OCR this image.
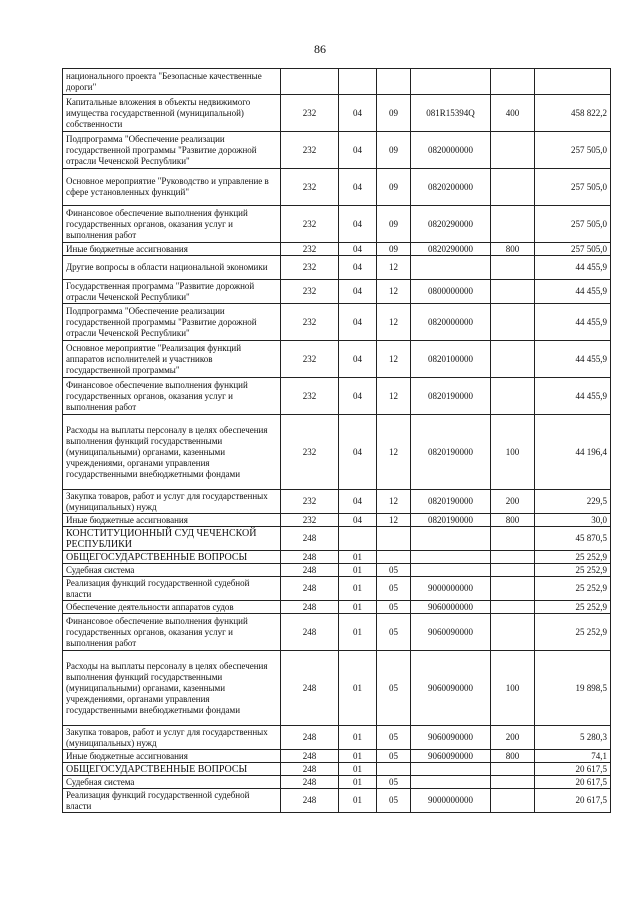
86
национального проекта "Безопасные качественные дороги"						
Капитальные вложения в объекты недвижимого имущества государственной (муниципальной) собственности	232	04	09	081R15394Q	400	458 822,2
Подпрограмма "Обеспечение реализации государственной программы "Развитие дорожной отрасли Чеченской Республики"	232	04	09	0820000000		257 505,0
Основное мероприятие "Руководство и управление в сфере установленных функций"	232	04	09	0820200000		257 505,0
Финансовое обеспечение выполнения функций государственных органов, оказания услуг и выполнения работ	232	04	09	0820290000		257 505,0
Иные бюджетные ассигнования	232	04	09	0820290000	800	257 505,0
Другие вопросы в области национальной экономики	232	04	12			44 455,9
Государственная программа "Развитие дорожной отрасли Чеченской Республики"	232	04	12	0800000000		44 455,9
Подпрограмма "Обеспечение реализации государственной программы "Развитие дорожной отрасли Чеченской Республики"	232	04	12	0820000000		44 455,9
Основное мероприятие "Реализация функций аппаратов исполнителей и участников государственной программы"	232	04	12	0820100000		44 455,9
Финансовое обеспечение выполнения функций государственных органов, оказания услуг и выполнения работ	232	04	12	0820190000		44 455,9
Расходы на выплаты персоналу в целях обеспечения выполнения функций государственными (муниципальными) органами, казенными учреждениями, органами управления государственными внебюджетными фондами	232	04	12	0820190000	100	44 196,4
Закупка товаров, работ и услуг для государственных (муниципальных) нужд	232	04	12	0820190000	200	229,5
Иные бюджетные ассигнования	232	04	12	0820190000	800	30,0
КОНСТИТУЦИОННЫЙ СУД ЧЕЧЕНСКОЙ РЕСПУБЛИКИ	248					45 870,5
ОБЩЕГОСУДАРСТВЕННЫЕ ВОПРОСЫ	248	01				25 252,9
Судебная система	248	01	05			25 252,9
Реализация функций государственной судебной власти	248	01	05	9000000000		25 252,9
Обеспечение деятельности аппаратов судов	248	01	05	9060000000		25 252,9
Финансовое обеспечение выполнения функций государственных органов, оказания услуг и выполнения работ	248	01	05	9060090000		25 252,9
Расходы на выплаты персоналу в целях обеспечения выполнения функций государственными (муниципальными) органами, казенными учреждениями, органами управления государственными внебюджетными фондами	248	01	05	9060090000	100	19 898,5
Закупка товаров, работ и услуг для государственных (муниципальных) нужд	248	01	05	9060090000	200	5 280,3
Иные бюджетные ассигнования	248	01	05	9060090000	800	74,1
ОБЩЕГОСУДАРСТВЕННЫЕ ВОПРОСЫ	248	01				20 617,5
Судебная система	248	01	05			20 617,5
Реализация функций государственной судебной власти	248	01	05	9000000000		20 617,5
